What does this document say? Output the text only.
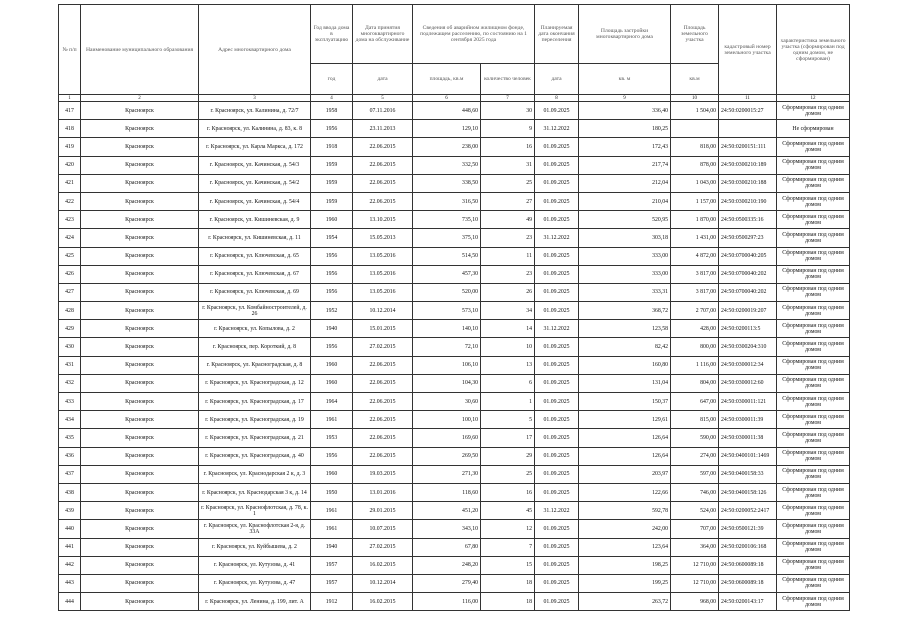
№ п/п	Наименование муниципального образования	Адрес многоквартирного дома	Год ввода дома в эксплуатацию	Дата принятия многоквартирного дома на обслуживание	Сведения об аварийном жилищном фонде, подлежащем расселению, по состоянию на 1 сентября 2025 года		Планируемая дата окончания переселения	Площадь застройки многоквартирного дома	Площадь земельного участка	кадастровый номер земельного участка	характеристика земельного участка (сформирован под одним домом, не сформирован)
			год	дата	площадь, кв.м	количество человек	дата	кв. м	кв.м		
1	2	3	4	5	6	7	8	9	10	11	12
417	Красноярск	г. Красноярск, ул. Калинина, д. 72/7	1958	07.11.2016	448,60	30	01.09.2025	336,40	1 504,00	24:50:0200015:27	Сформирован под одним домом
418	Красноярск	г. Красноярск, ул. Калинина, д. 83, к. 8	1956	23.11.2013	129,10	9	31.12.2022	180,25			Не сформирован
419	Красноярск	г. Красноярск, ул. Карла Маркса, д. 172	1918	22.06.2015	238,00	16	01.09.2025	172,43	818,00	24:50:0200151:111	Сформирован под одним домом
420	Красноярск	г. Красноярск, ул. Качинская, д. 54/3	1959	22.06.2015	332,50	31	01.09.2025	217,74	878,00	24:50:0300210:189	Сформирован под одним домом
421	Красноярск	г. Красноярск, ул. Качинская, д. 54/2	1959	22.06.2015	338,50	25	01.09.2025	212,04	1 043,00	24:50:0300210:188	Сформирован под одним домом
422	Красноярск	г. Красноярск, ул. Качинская, д. 54/4	1959	22.06.2015	316,50	27	01.09.2025	210,04	1 157,00	24:50:0300210:190	Сформирован под одним домом
423	Красноярск	г. Красноярск, ул. Кишиневская, д. 9	1960	13.10.2015	735,10	49	01.09.2025	520,95	1 870,00	24:50:0500335:16	Сформирован под одним домом
424	Красноярск	г. Красноярск, ул. Кишиневская, д. 11	1954	15.05.2013	375,10	23	31.12.2022	303,18	1 431,00	24:50:0500297:23	Сформирован под одним домом
425	Красноярск	г. Красноярск, ул. Ключевская, д. 65	1956	13.05.2016	514,50	11	01.09.2025	333,00	4 872,00	24:50:0700040:205	Сформирован под одним домом
426	Красноярск	г. Красноярск, ул. Ключевская, д. 67	1956	13.05.2016	457,30	23	01.09.2025	333,00	3 817,00	24:50:0700040:202	Сформирован под одним домом
427	Красноярск	г. Красноярск, ул. Ключевская, д. 69	1956	13.05.2016	520,00	26	01.09.2025	333,31	3 817,00	24:50:0700040:202	Сформирован под одним домом
428	Красноярск	г. Красноярск, ул. Комбайностроителей, д. 26	1952	10.12.2014	573,10	34	01.09.2025	368,72	2 707,00	24:50:0200019:207	Сформирован под одним домом
429	Красноярск	г. Красноярск, ул. Копылова, д. 2	1940	15.01.2015	140,10	14	31.12.2022	123,58	428,00	24:50:0200113:5	Сформирован под одним домом
430	Красноярск	г. Красноярск, пер. Короткий, д. 8	1956	27.02.2015	72,10	10	01.09.2025	82,42	800,00	24:50:0300204:310	Сформирован под одним домом
431	Красноярск	г. Красноярск, ул. Красноградская, д. 8	1960	22.06.2015	106,10	13	01.09.2025	160,80	1 116,00	24:50:0300012:34	Сформирован под одним домом
432	Красноярск	г. Красноярск, ул. Красноградская, д. 12	1960	22.06.2015	104,30	6	01.09.2025	131,04	804,00	24:50:0300012:60	Сформирован под одним домом
433	Красноярск	г. Красноярск, ул. Красноградская, д. 17	1964	22.06.2015	30,60	1	01.09.2025	150,37	647,00	24:50:0300011:121	Сформирован под одним домом
434	Красноярск	г. Красноярск, ул. Красноградская, д. 19	1961	22.06.2015	100,10	5	01.09.2025	129,61	815,00	24:50:0300011:39	Сформирован под одним домом
435	Красноярск	г. Красноярск, ул. Красноградская, д. 21	1953	22.06.2015	169,60	17	01.09.2025	126,64	590,00	24:50:0300011:38	Сформирован под одним домом
436	Красноярск	г. Красноярск, ул. Красноградская, д. 40	1956	22.06.2015	269,50	29	01.09.2025	126,64	274,00	24:50:0400101:1469	Сформирован под одним домом
437	Красноярск	г. Красноярск, ул. Краснодарская 2 к, д. 3	1960	19.03.2015	271,30	25	01.09.2025	203,97	597,00	24:50:0400158:33	Сформирован под одним домом
438	Красноярск	г. Красноярск, ул. Краснодарская 3 к, д. 14	1950	13.01.2016	118,60	16	01.09.2025	122,66	746,00	24:50:0400158:126	Сформирован под одним домом
439	Красноярск	г. Красноярск, ул. Краснофлотская, д. 78, к. 1	1961	29.01.2015	451,20	45	31.12.2022	592,78	524,00	24:50:0200052:2417	Сформирован под одним домом
440	Красноярск	г. Красноярск, ул. Краснофлотская 2-я, д. 33А	1961	10.07.2015	343,10	12	01.09.2025	242,00	707,00	24:50:0500121:39	Сформирован под одним домом
441	Красноярск	г. Красноярск, ул. Куйбышева, д. 2	1940	27.02.2015	67,80	7	01.09.2025	123,64	364,00	24:50:0200106:168	Сформирован под одним домом
442	Красноярск	г. Красноярск, ул. Кутузова, д. 41	1957	16.02.2015	248,20	15	01.09.2025	198,25	12 710,00	24:50:0600089:18	Сформирован под одним домом
443	Красноярск	г. Красноярск, ул. Кутузова, д. 47	1957	10.12.2014	279,40	18	01.09.2025	199,25	12 710,00	24:50:0600089:18	Сформирован под одним домом
444	Красноярск	г. Красноярск, ул. Ленина, д. 199, лит. А	1912	16.02.2015	116,00	18	01.09.2025	263,72	968,00	24:50:0200143:17	Сформирован под одним домом
